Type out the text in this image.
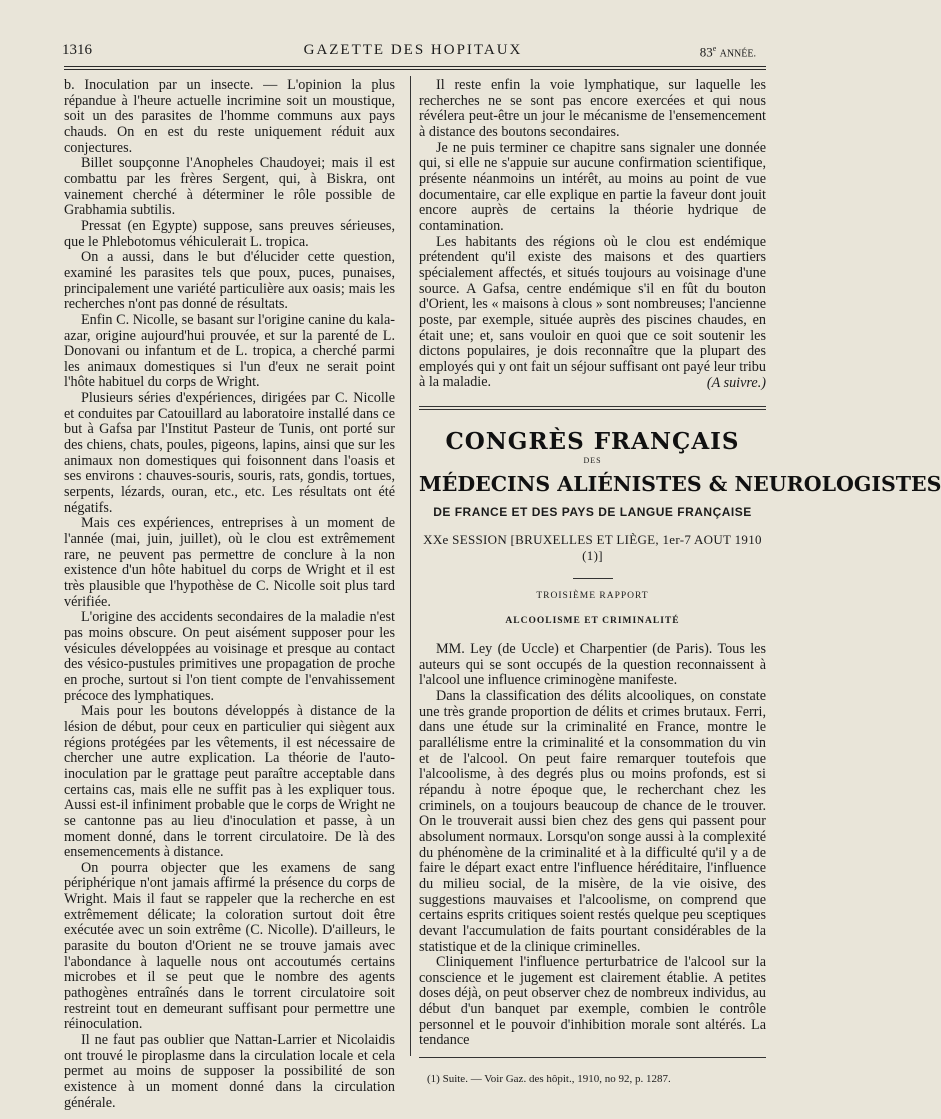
1316	GAZETTE DES HOPITAUX	83e ANNÉE.

b. Inoculation par un insecte. — L'opinion la plus répandue à l'heure actuelle incrimine soit un moustique, soit un des parasites de l'homme communs aux pays chauds. On en est du reste uniquement réduit aux conjectures.

Billet soupçonne l'Anopheles Chaudoyei; mais il est combattu par les frères Sergent, qui, à Biskra, ont vainement cherché à déterminer le rôle possible de Grabhamia subtilis.

Pressat (en Egypte) suppose, sans preuves sérieuses, que le Phlebotomus véhiculerait L. tropica.

On a aussi, dans le but d'élucider cette question, examiné les parasites tels que poux, puces, punaises, principalement une variété particulière aux oasis; mais les recherches n'ont pas donné de résultats.

Enfin C. Nicolle, se basant sur l'origine canine du kala-azar, origine aujourd'hui prouvée, et sur la parenté de L. Donovani ou infantum et de L. tropica, a cherché parmi les animaux domestiques si l'un d'eux ne serait point l'hôte habituel du corps de Wright.

Plusieurs séries d'expériences, dirigées par C. Nicolle et conduites par Catouillard au laboratoire installé dans ce but à Gafsa par l'Institut Pasteur de Tunis, ont porté sur des chiens, chats, poules, pigeons, lapins, ainsi que sur les animaux non domestiques qui foisonnent dans l'oasis et ses environs : chauves-souris, souris, rats, gondis, tortues, serpents, lézards, ouran, etc., etc. Les résultats ont été négatifs.

Mais ces expériences, entreprises à un moment de l'année (mai, juin, juillet), où le clou est extrêmement rare, ne peuvent pas permettre de conclure à la non existence d'un hôte habituel du corps de Wright et il est très plausible que l'hypothèse de C. Nicolle soit plus tard vérifiée.

L'origine des accidents secondaires de la maladie n'est pas moins obscure. On peut aisément supposer pour les vésicules développées au voisinage et presque au contact des vésico-pustules primitives une propagation de proche en proche, surtout si l'on tient compte de l'envahissement précoce des lymphatiques.

Mais pour les boutons développés à distance de la lésion de début, pour ceux en particulier qui siègent aux régions protégées par les vêtements, il est nécessaire de chercher une autre explication. La théorie de l'auto-inoculation par le grattage peut paraître acceptable dans certains cas, mais elle ne suffit pas à les expliquer tous. Aussi est-il infiniment probable que le corps de Wright ne se cantonne pas au lieu d'inoculation et passe, à un moment donné, dans le torrent circulatoire. De là des ensemencements à distance.

On pourra objecter que les examens de sang périphérique n'ont jamais affirmé la présence du corps de Wright. Mais il faut se rappeler que la recherche en est extrêmement délicate; la coloration surtout doit être exécutée avec un soin extrême (C. Nicolle). D'ailleurs, le parasite du bouton d'Orient ne se trouve jamais avec l'abondance à laquelle nous ont accoutumés certains microbes et il se peut que le nombre des agents pathogènes entraînés dans le torrent circulatoire soit restreint tout en demeurant suffisant pour permettre une réinoculation.

Il ne faut pas oublier que Nattan-Larrier et Nicolaidis ont trouvé le piroplasme dans la circulation locale et cela permet au moins de supposer la possibilité de son existence à un moment donné dans la circulation générale.

Il reste enfin la voie lymphatique, sur laquelle les recherches ne se sont pas encore exercées et qui nous révélera peut-être un jour le mécanisme de l'ensemencement à distance des boutons secondaires.

Je ne puis terminer ce chapitre sans signaler une donnée qui, si elle ne s'appuie sur aucune confirmation scientifique, présente néanmoins un intérêt, au moins au point de vue documentaire, car elle explique en partie la faveur dont jouit encore auprès de certains la théorie hydrique de contamination.

Les habitants des régions où le clou est endémique prétendent qu'il existe des maisons et des quartiers spécialement affectés, et situés toujours au voisinage d'une source. A Gafsa, centre endémique s'il en fût du bouton d'Orient, les « maisons à clous » sont nombreuses; l'ancienne poste, par exemple, située auprès des piscines chaudes, en était une; et, sans vouloir en quoi que ce soit soutenir les dictons populaires, je dois reconnaître que la plupart des employés qui y ont fait un séjour suffisant ont payé leur tribu à la maladie.	(A suivre.)

CONGRÈS FRANÇAIS
DES
MÉDECINS ALIÉNISTES & NEUROLOGISTES
DE FRANCE ET DES PAYS DE LANGUE FRANÇAISE
XXe SESSION [BRUXELLES ET LIÈGE, 1er-7 AOUT 1910 (1)]
TROISIÈME RAPPORT
ALCOOLISME ET CRIMINALITÉ

MM. Ley (de Uccle) et Charpentier (de Paris). Tous les auteurs qui se sont occupés de la question reconnaissent à l'alcool une influence criminogène manifeste.

Dans la classification des délits alcooliques, on constate une très grande proportion de délits et crimes brutaux. Ferri, dans une étude sur la criminalité en France, montre le parallélisme entre la criminalité et la consommation du vin et de l'alcool. On peut faire remarquer toutefois que l'alcoolisme, à des degrés plus ou moins profonds, est si répandu à notre époque que, le recherchant chez les criminels, on a toujours beaucoup de chance de le trouver. On le trouverait aussi bien chez des gens qui passent pour absolument normaux. Lorsqu'on songe aussi à la complexité du phénomène de la criminalité et à la difficulté qu'il y a de faire le départ exact entre l'influence héréditaire, l'influence du milieu social, de la misère, de la vie oisive, des suggestions mauvaises et l'alcoolisme, on comprend que certains esprits critiques soient restés quelque peu sceptiques devant l'accumulation de faits pourtant considérables de la statistique et de la clinique criminelles.

Cliniquement l'influence perturbatrice de l'alcool sur la conscience et le jugement est clairement établie. A petites doses déjà, on peut observer chez de nombreux individus, au début d'un banquet par exemple, combien le contrôle personnel et le pouvoir d'inhibition morale sont altérés. La tendance

(1) Suite. — Voir Gaz. des hôpit., 1910, no 92, p. 1287.
